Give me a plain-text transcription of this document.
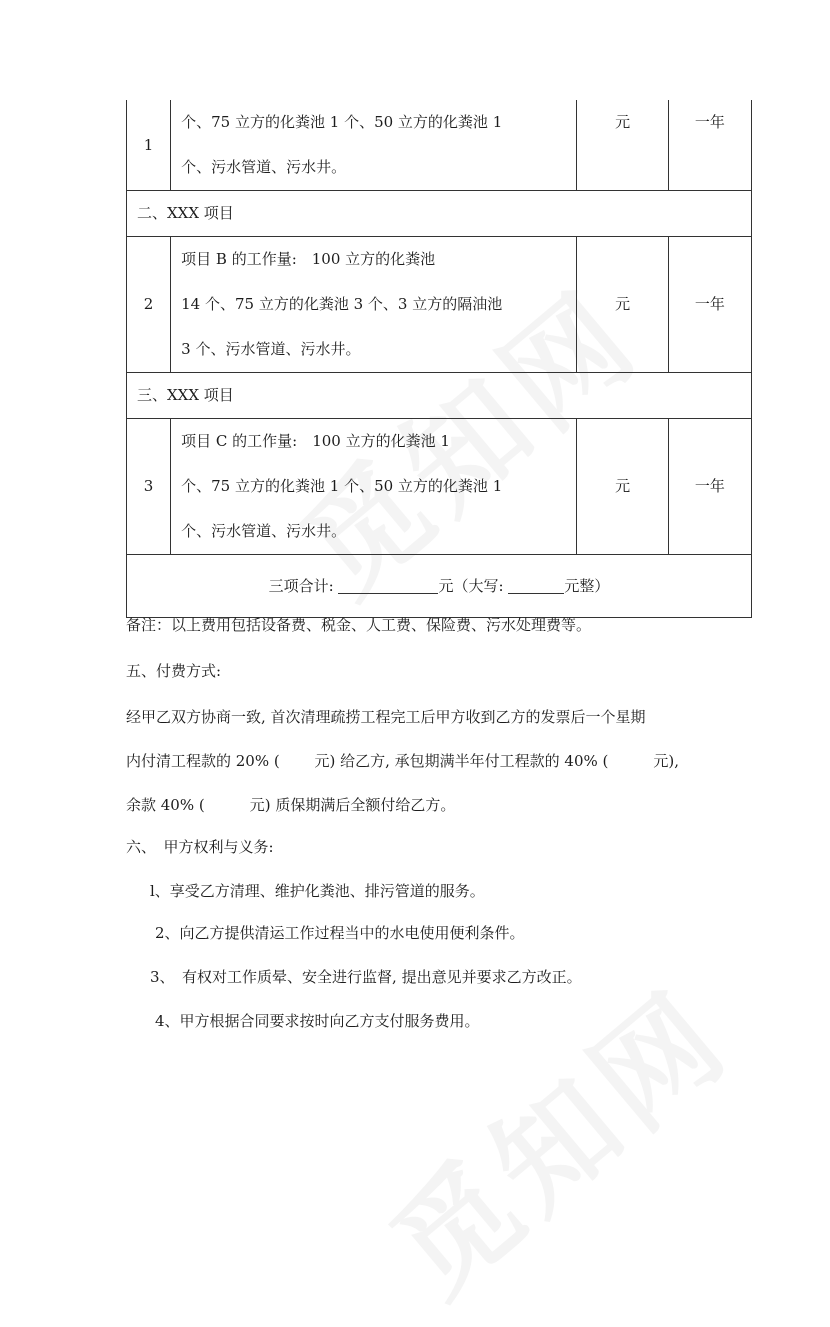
1	个、75 立方的化粪池 1 个、50 立方的化粪池 1
个、污水管道、污水井。	元	一年
二、XXX 项目			
2	项目 B 的工作量:　100 立方的化粪池
14 个、75 立方的化粪池 3 个、3 立方的隔油池
3 个、污水管道、污水井。	元	一年
三、XXX 项目			
3	项目 C 的工作量:　100 立方的化粪池 1
个、75 立方的化粪池 1 个、50 立方的化粪池 1
个、污水管道、污水井。	元	一年
三项合计: 元（大写: 元整）			
备注：以上费用包括设备费、税金、人工费、保险费、污水处理费等。
五、付费方式:
经甲乙双方协商一致, 首次清理疏捞工程完工后甲方收到乙方的发票后一个星期
内付清工程款的 20% (　　 元) 给乙方, 承包期满半年付工程款的 40% (　　　元),
余款 40% (　　　元) 质保期满后全额付给乙方。
六、　甲方权利与义务:
l、享受乙方清理、维护化粪池、排污管道的服务。
2、向乙方提供清运工作过程当中的水电使用便利条件。
3、　有权对工作质晕、安全进行监督, 提出意见并要求乙方改正。
4、甲方根据合同要求按时向乙方支付服务费用。
